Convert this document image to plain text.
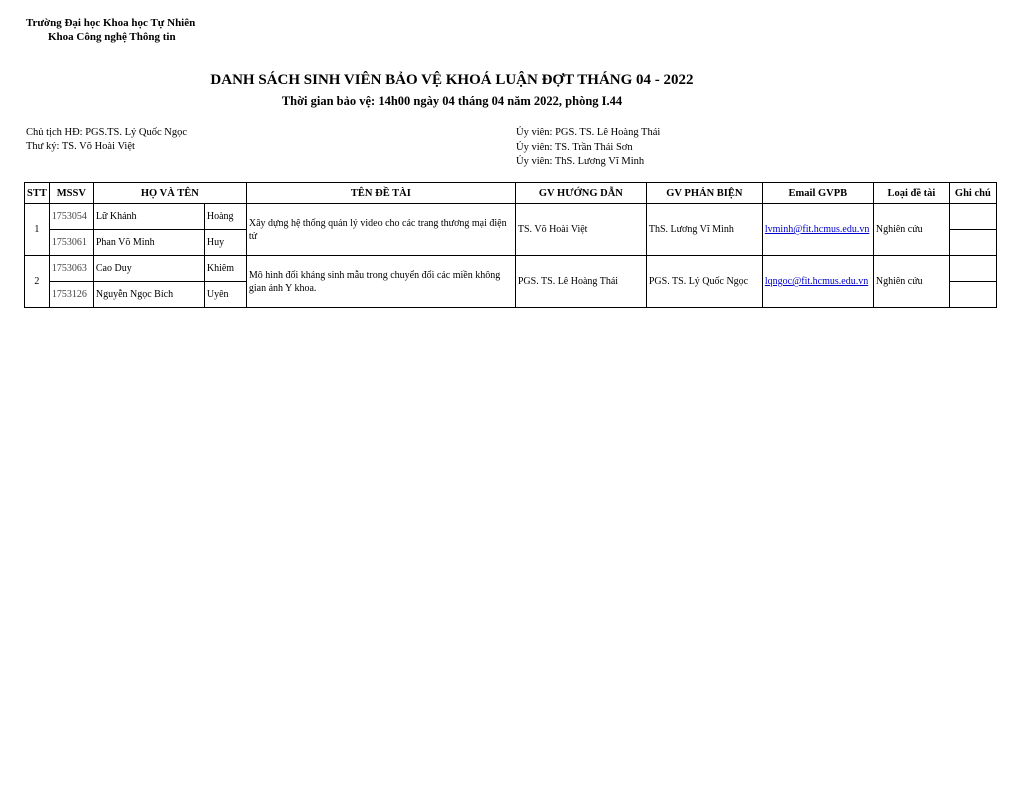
Trường Đại học Khoa học Tự Nhiên
Khoa Công nghệ Thông tin
DANH SÁCH SINH VIÊN BẢO VỆ KHOÁ LUẬN ĐỢT THÁNG 04 - 2022
Thời gian bảo vệ: 14h00 ngày 04 tháng 04 năm 2022, phòng I.44
Chủ tịch HĐ: PGS.TS. Lý Quốc Ngọc
Thư ký: TS. Võ Hoài Việt
Ủy viên: PGS. TS. Lê Hoàng Thái
Ủy viên: TS. Trần Thái Sơn
Ủy viên: ThS. Lương Vĩ Minh
STT	MSSV	HỌ VÀ TÊN		TÊN ĐỀ TÀI	GV HƯỚNG DẪN	GV PHẢN BIỆN	Email GVPB	Loại đề tài	Ghi chú
1	1753054	Lữ Khánh	Hoàng	Xây dựng hệ thống quản lý video cho các trang thương mại điện tử	TS. Võ Hoài Việt	ThS. Lương Vĩ Minh	lvminh@fit.hcmus.edu.vn	Nghiên cứu	
	1753061	Phan Võ Minh	Huy						
2	1753063	Cao Duy	Khiêm	Mô hình đối kháng sinh mẫu trong chuyển đổi các miền không gian ảnh Y khoa.	PGS. TS. Lê Hoàng Thái	PGS. TS. Lý Quốc Ngọc	lqngoc@fit.hcmus.edu.vn	Nghiên cứu	
	1753126	Nguyễn Ngọc Bích	Uyên						
